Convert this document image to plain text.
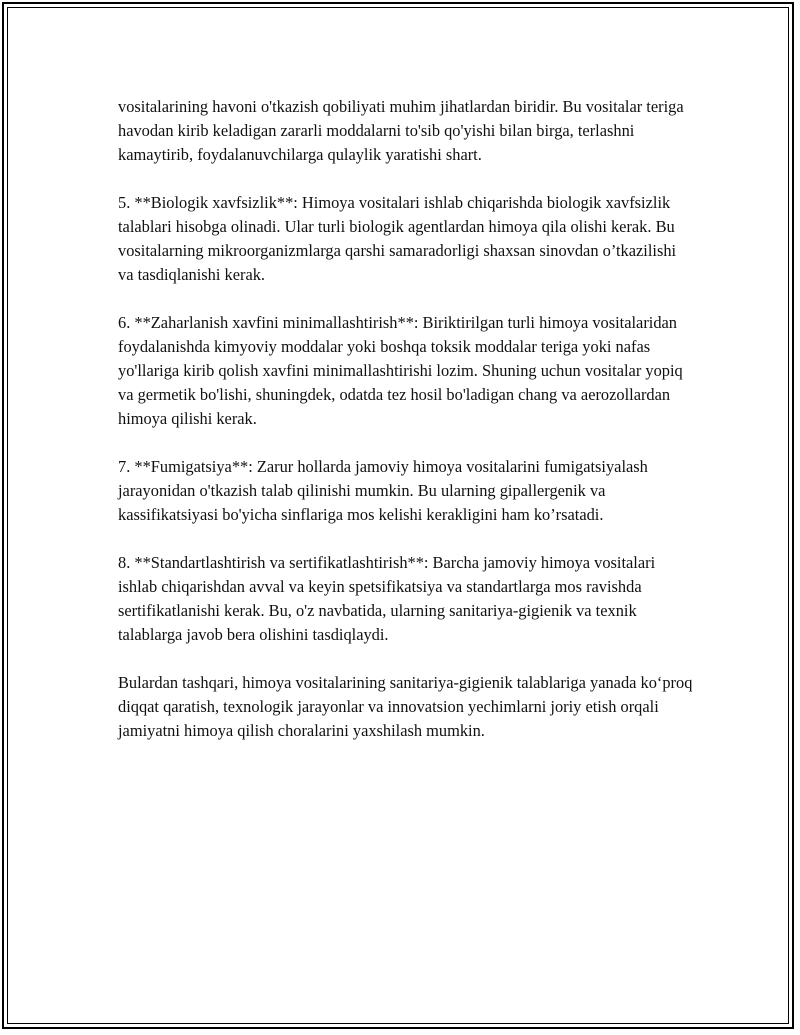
vositalarining havoni o'tkazish qobiliyati muhim jihatlardan biridir. Bu vositalar teriga havodan kirib keladigan zararli moddalarni to'sib qo'yishi bilan birga, terlashni kamaytirib, foydalanuvchilarga qulaylik yaratishi shart.

5. **Biologik xavfsizlik**: Himoya vositalari ishlab chiqarishda biologik xavfsizlik talablari hisobga olinadi. Ular turli biologik agentlardan himoya qila olishi kerak. Bu vositalarning mikroorganizmlarga qarshi samaradorligi shaxsan sinovdan o’tkazilishi va tasdiqlanishi kerak.

6. **Zaharlanish xavfini minimallashtirish**: Biriktirilgan turli himoya vositalaridan foydalanishda kimyoviy moddalar yoki boshqa toksik moddalar teriga yoki nafas yo'llariga kirib qolish xavfini minimallashtirishi lozim. Shuning uchun vositalar yopiq va germetik bo'lishi, shuningdek, odatda tez hosil bo'ladigan chang va aerozollardan himoya qilishi kerak.

7. **Fumigatsiya**: Zarur hollarda jamoviy himoya vositalarini fumigatsiyalash jarayonidan o'tkazish talab qilinishi mumkin. Bu ularning gipallergenik va kassifikatsiyasi bo'yicha sinflariga mos kelishi kerakligini ham ko’rsatadi.

8. **Standartlashtirish va sertifikatlashtirish**: Barcha jamoviy himoya vositalari ishlab chiqarishdan avval va keyin spetsifikatsiya va standartlarga mos ravishda sertifikatlanishi kerak. Bu, o'z navbatida, ularning sanitariya-gigienik va texnik talablarga javob bera olishini tasdiqlaydi.

Bulardan tashqari, himoya vositalarining sanitariya-gigienik talablariga yanada ko‘proq diqqat qaratish, texnologik jarayonlar va innovatsion yechimlarni joriy etish orqali jamiyatni himoya qilish choralarini yaxshilash mumkin.
